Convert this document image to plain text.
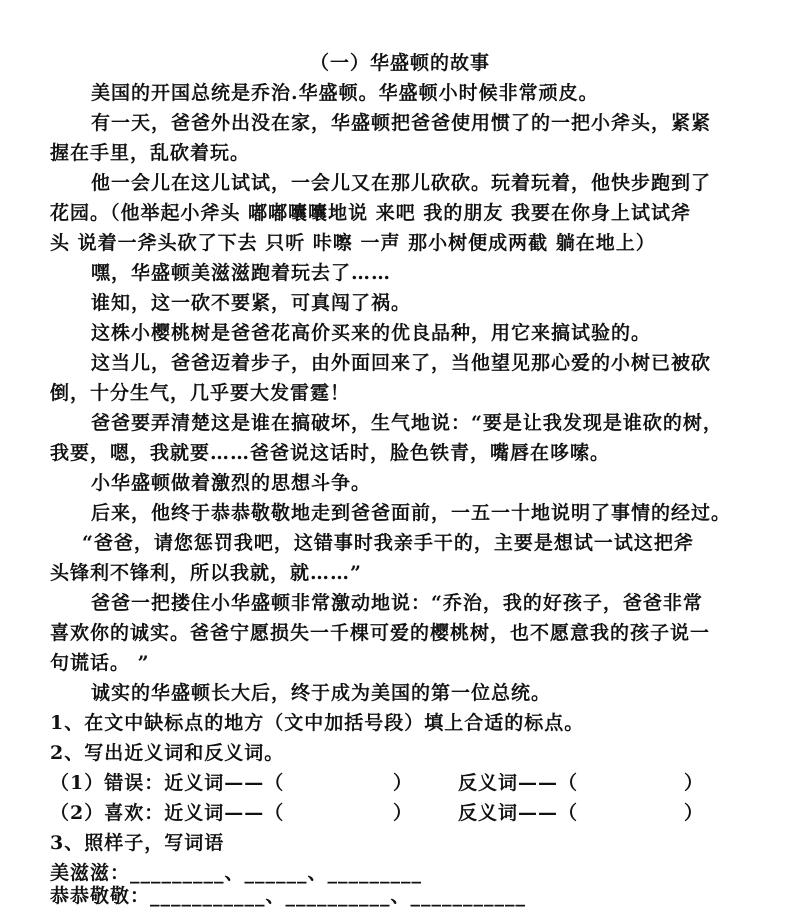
（一）华盛顿的故事
美国的开国总统是乔治.华盛顿。华盛顿小时候非常顽皮。
有一天，爸爸外出没在家，华盛顿把爸爸使用惯了的一把小斧头，紧紧
握在手里，乱砍着玩。
他一会儿在这儿试试，一会儿又在那儿砍砍。玩着玩着，他快步跑到了
花园。（他举起小斧头 嘟嘟囔囔地说 来吧 我的朋友 我要在你身上试试斧
头 说着一斧头砍了下去 只听 咔嚓 一声 那小树便成两截 躺在地上）
嘿，华盛顿美滋滋跑着玩去了……
谁知，这一砍不要紧，可真闯了祸。
这株小樱桃树是爸爸花高价买来的优良品种，用它来搞试验的。
这当儿，爸爸迈着步子，由外面回来了，当他望见那心爱的小树已被砍
倒，十分生气，几乎要大发雷霆！
爸爸要弄清楚这是谁在搞破坏，生气地说：“要是让我发现是谁砍的树，
我要，嗯，我就要……爸爸说这话时，脸色铁青，嘴唇在哆嗦。
小华盛顿做着激烈的思想斗争。
后来，他终于恭恭敬敬地走到爸爸面前，一五一十地说明了事情的经过。
“爸爸，请您惩罚我吧，这错事时我亲手干的，主要是想试一试这把斧
头锋利不锋利，所以我就，就……”
爸爸一把搂住小华盛顿非常激动地说：“乔治，我的好孩子，爸爸非常
喜欢你的诚实。爸爸宁愿损失一千棵可爱的樱桃树，也不愿意我的孩子说一
句谎话。 ”
诚实的华盛顿长大后，终于成为美国的第一位总统。
1、在文中缺标点的地方（文中加括号段）填上合适的标点。
2、写出近义词和反义词。
（1）错误：近义词——（	） 反义词——（	）
（2）喜欢：近义词——（	） 反义词——（	）
3、照样子，写词语
美滋滋：_________、______、_________
恭恭敬敬：___________、__________、___________
